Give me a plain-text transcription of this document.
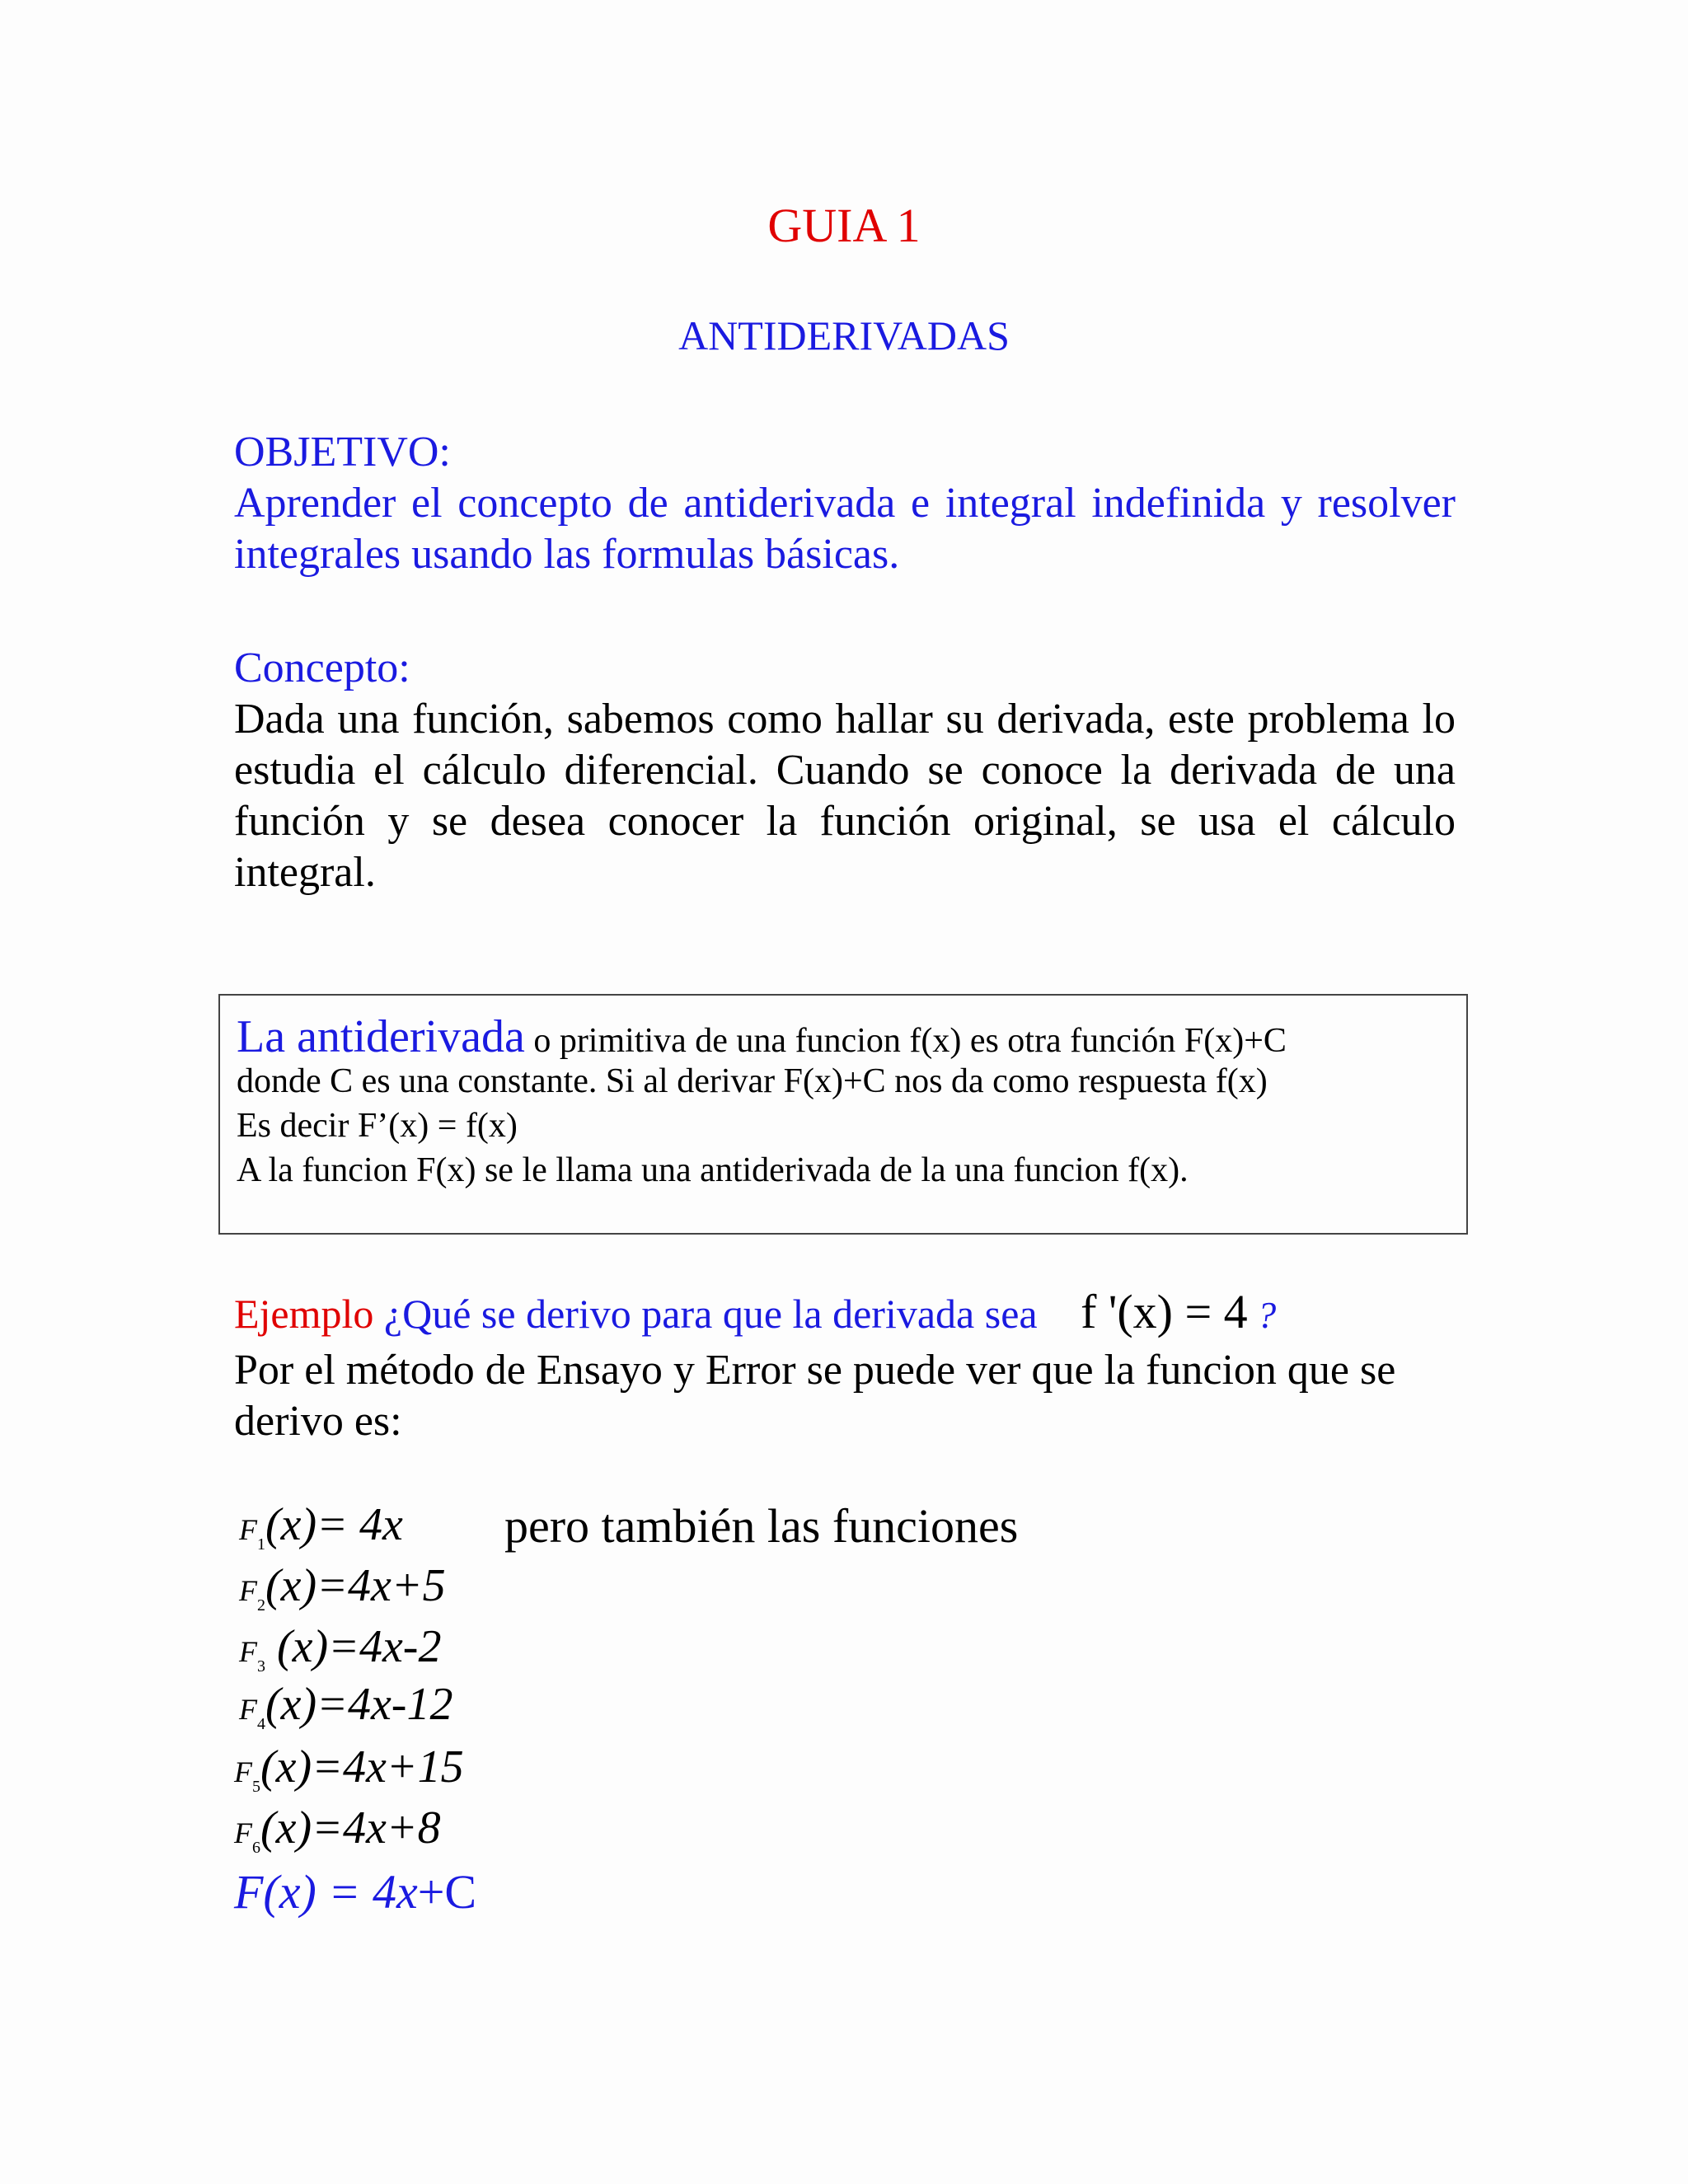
GUIA 1
ANTIDERIVADAS
OBJETIVO:
Aprender el concepto de antiderivada e integral indefinida y resolver integrales usando las formulas básicas.
Concepto:
Dada una función, sabemos como hallar su derivada, este problema lo estudia el cálculo diferencial. Cuando se conoce la derivada de una función y se desea conocer la función original, se usa el cálculo integral.
La antiderivada o primitiva de una funcion f(x) es otra función F(x)+C
donde C es una constante. Si al derivar F(x)+C nos da como respuesta f(x)
Es decir F’(x) = f(x)
A la funcion F(x) se le llama una antiderivada de la una funcion f(x).
Ejemplo ¿Qué se derivo para que la derivada sea f '(x) = 4 ?
Por el método de Ensayo y Error se puede ver que la funcion que se derivo es:
$F_1(x)= 4x$
$F_2(x)=4x+5$
$F_3$ (x)=4x-2
$F_4(x)=4x-12$
$F_5(x)=4x+15$
$F_6(x)=4x+8$
pero también las funciones
F(x) = 4x+C
